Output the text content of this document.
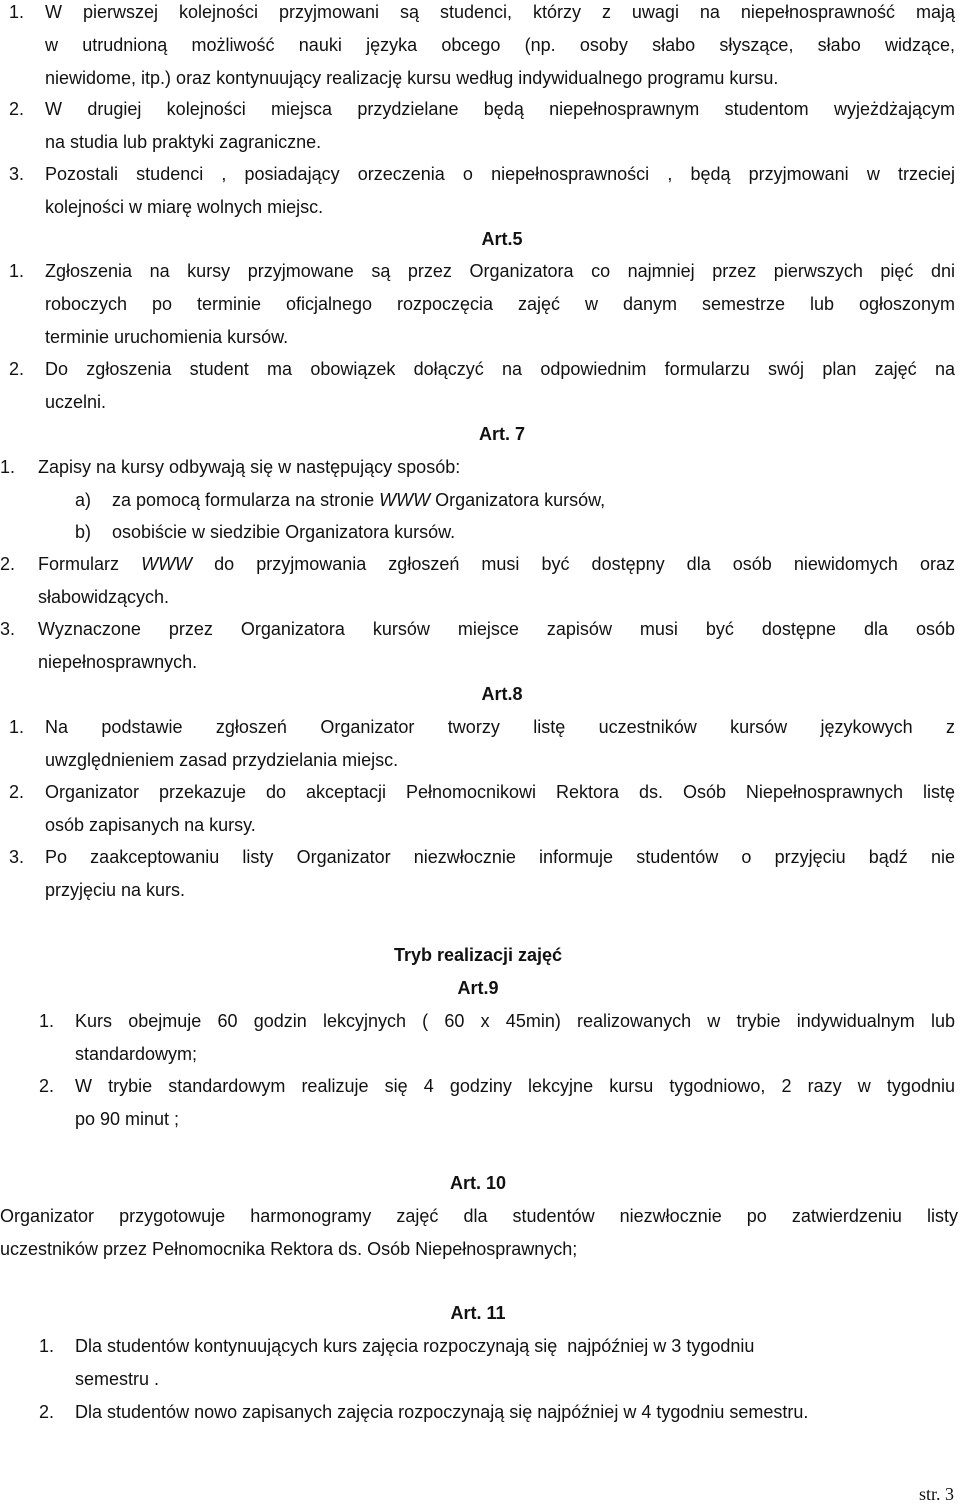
1. W pierwszej kolejności przyjmowani są studenci, którzy z uwagi na niepełnosprawność mają
w utrudnioną możliwość nauki języka obcego (np. osoby słabo słyszące, słabo widzące,
niewidome, itp.) oraz kontynuujący realizację kursu według indywidualnego programu kursu.
2. W drugiej kolejności miejsca przydzielane będą niepełnosprawnym studentom wyjeżdżającym
na studia lub praktyki zagraniczne.
3. Pozostali studenci , posiadający orzeczenia o niepełnosprawności , będą przyjmowani w trzeciej
kolejności w miarę wolnych miejsc.
Art.5
1. Zgłoszenia na kursy przyjmowane są przez Organizatora co najmniej przez pierwszych pięć dni
roboczych po terminie oficjalnego rozpoczęcia zajęć w danym semestrze lub ogłoszonym
terminie uruchomienia kursów.
2. Do zgłoszenia student ma obowiązek dołączyć na odpowiednim formularzu swój plan zajęć na
uczelni.
Art. 7
1. Zapisy na kursy odbywają się w następujący sposób:
a) za pomocą formularza na stronie WWW Organizatora kursów,
b) osobiście w siedzibie Organizatora kursów.
2. Formularz WWW do przyjmowania zgłoszeń musi być dostępny dla osób niewidomych oraz
słabowidzących.
3. Wyznaczone przez Organizatora kursów miejsce zapisów musi być dostępne dla osób
niepełnosprawnych.
Art.8
1. Na podstawie zgłoszeń Organizator tworzy listę uczestników kursów językowych z
uwzględnieniem zasad przydzielania miejsc.
2. Organizator przekazuje do akceptacji Pełnomocnikowi Rektora ds. Osób Niepełnosprawnych listę
osób zapisanych na kursy.
3. Po zaakceptowaniu listy Organizator niezwłocznie informuje studentów o przyjęciu bądź nie
przyjęciu na kurs.
Tryb realizacji zajęć
Art.9
1. Kurs obejmuje 60 godzin lekcyjnych ( 60 x 45min) realizowanych w trybie indywidualnym lub
standardowym;
2. W trybie standardowym realizuje się 4 godziny lekcyjne kursu tygodniowo, 2 razy w tygodniu
po 90 minut ;
Art. 10
Organizator przygotowuje harmonogramy zajęć dla studentów niezwłocznie po zatwierdzeniu listy
uczestników przez Pełnomocnika Rektora ds. Osób Niepełnosprawnych;
Art. 11
1. Dla studentów kontynuujących kurs zajęcia rozpoczynają się  najpóźniej w 3 tygodniu
semestru .
2. Dla studentów nowo zapisanych zajęcia rozpoczynają się najpóźniej w 4 tygodniu semestru.
str. 3
